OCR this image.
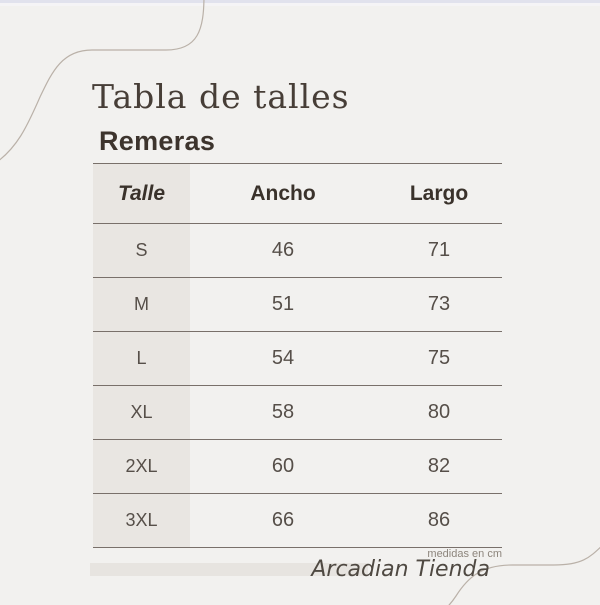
Tabla de talles
Remeras
Talle	Ancho	Largo
S	46	71
M	51	73
L	54	75
XL	58	80
2XL	60	82
3XL	66	86
medidas en cm
Arcadian Tienda
